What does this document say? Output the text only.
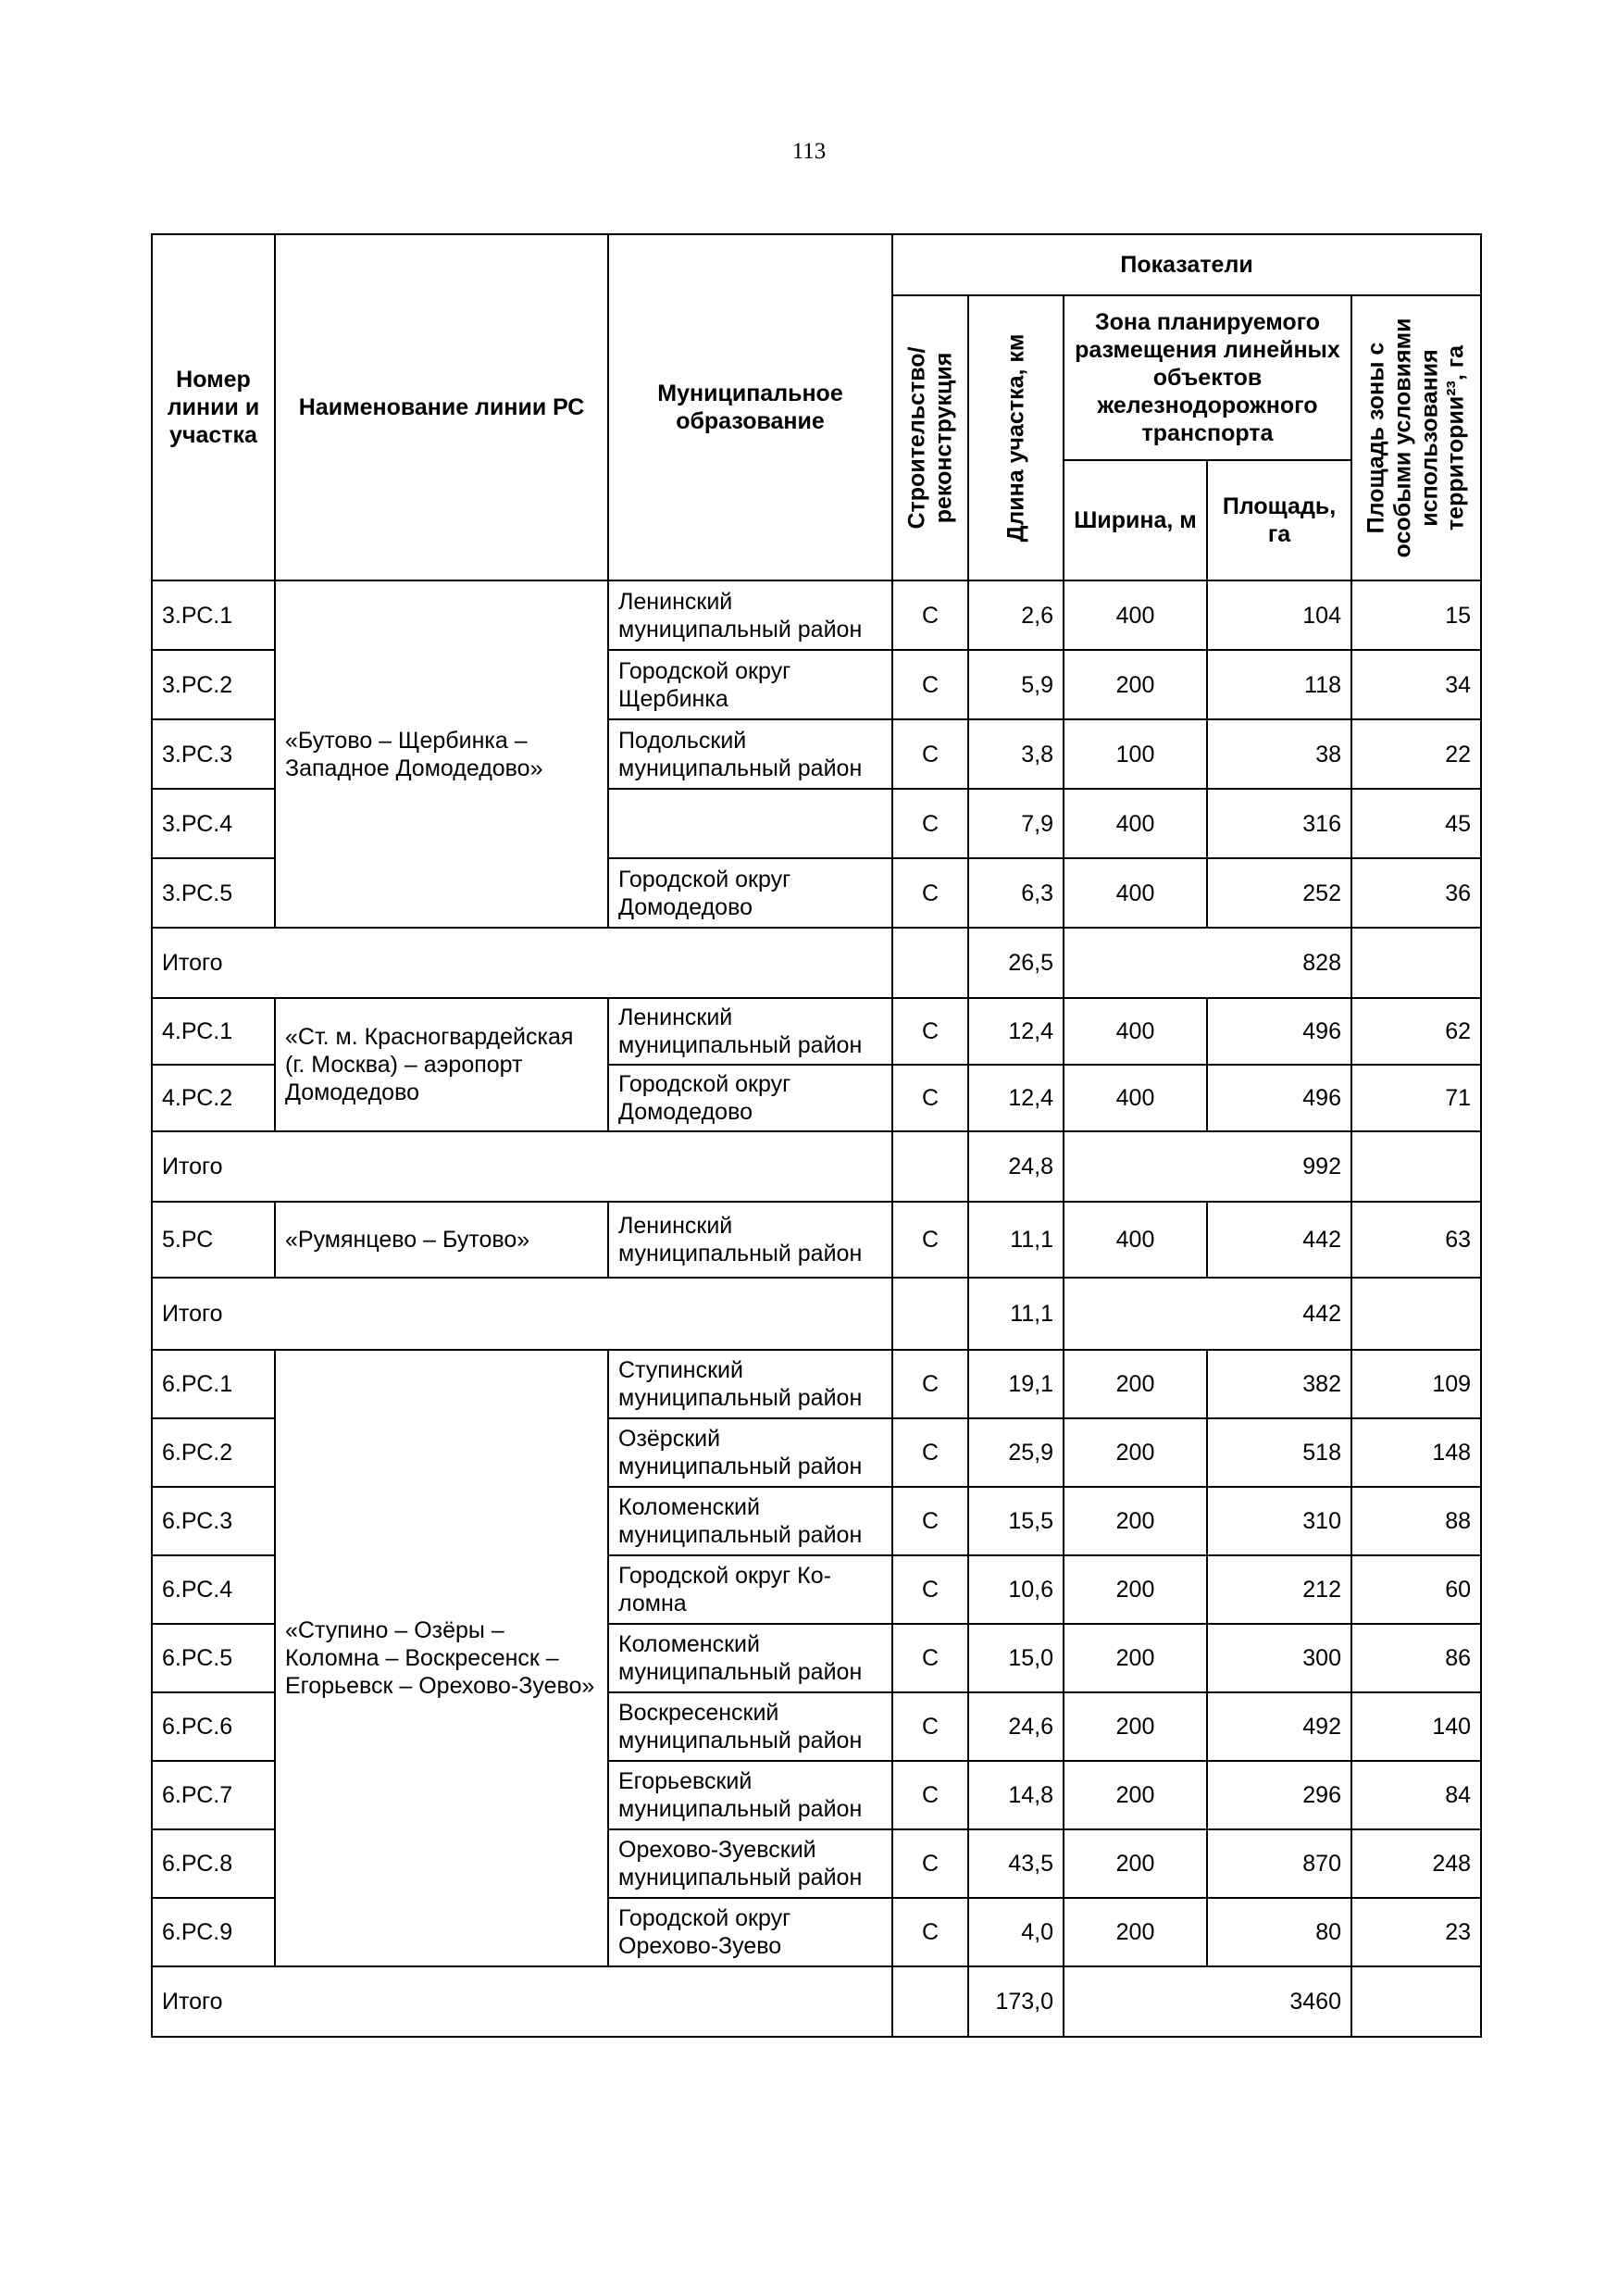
113
Номер линии и участка	Наименование линии РС	Муниципальное образование	Показатели				

			Строительство/ реконструкция	Длина участка, км	Зона планируемого размещения линейных объектов железнодорожного транспорта		Площадь зоны с особыми условиями использования территории²³, га

					Ширина, м	Площадь, га	
3.РС.1	«Бутово – Щербинка – Западное Домодедово»	Ленинский муниципальный район	С	2,6	400	104	15
3.РС.2		Городской округ Щербинка	С	5,9	200	118	34
3.РС.3		Подольский муниципальный район	С	3,8	100	38	22
3.РС.4			С	7,9	400	316	45
3.РС.5		Городской округ Домодедово	С	6,3	400	252	36
Итого				26,5	828		
4.РС.1	«Ст. м. Красногвардейская (г. Москва) – аэропорт Домодедово	Ленинский муниципальный район	С	12,4	400	496	62
4.РС.2		Городской округ Домодедово	С	12,4	400	496	71
Итого				24,8	992		
5.РС	«Румянцево – Бутово»	Ленинский муниципальный район	С	11,1	400	442	63
Итого				11,1	442		
6.РС.1	«Ступино – Озёры – Коломна – Воскресенск – Егорьевск – Орехово-Зуево»	Ступинский муниципальный район	С	19,1	200	382	109
6.РС.2		Озёрский муниципальный район	С	25,9	200	518	148
6.РС.3		Коломенский муниципальный район	С	15,5	200	310	88
6.РС.4		Городской округ Ко-ломна	С	10,6	200	212	60
6.РС.5		Коломенский муниципальный район	С	15,0	200	300	86
6.РС.6		Воскресенский муниципальный район	С	24,6	200	492	140
6.РС.7		Егорьевский муниципальный район	С	14,8	200	296	84
6.РС.8		Орехово-Зуевский муниципальный район	С	43,5	200	870	248
6.РС.9		Городской округ Орехово-Зуево	С	4,0	200	80	23
Итого				173,0	3460		
